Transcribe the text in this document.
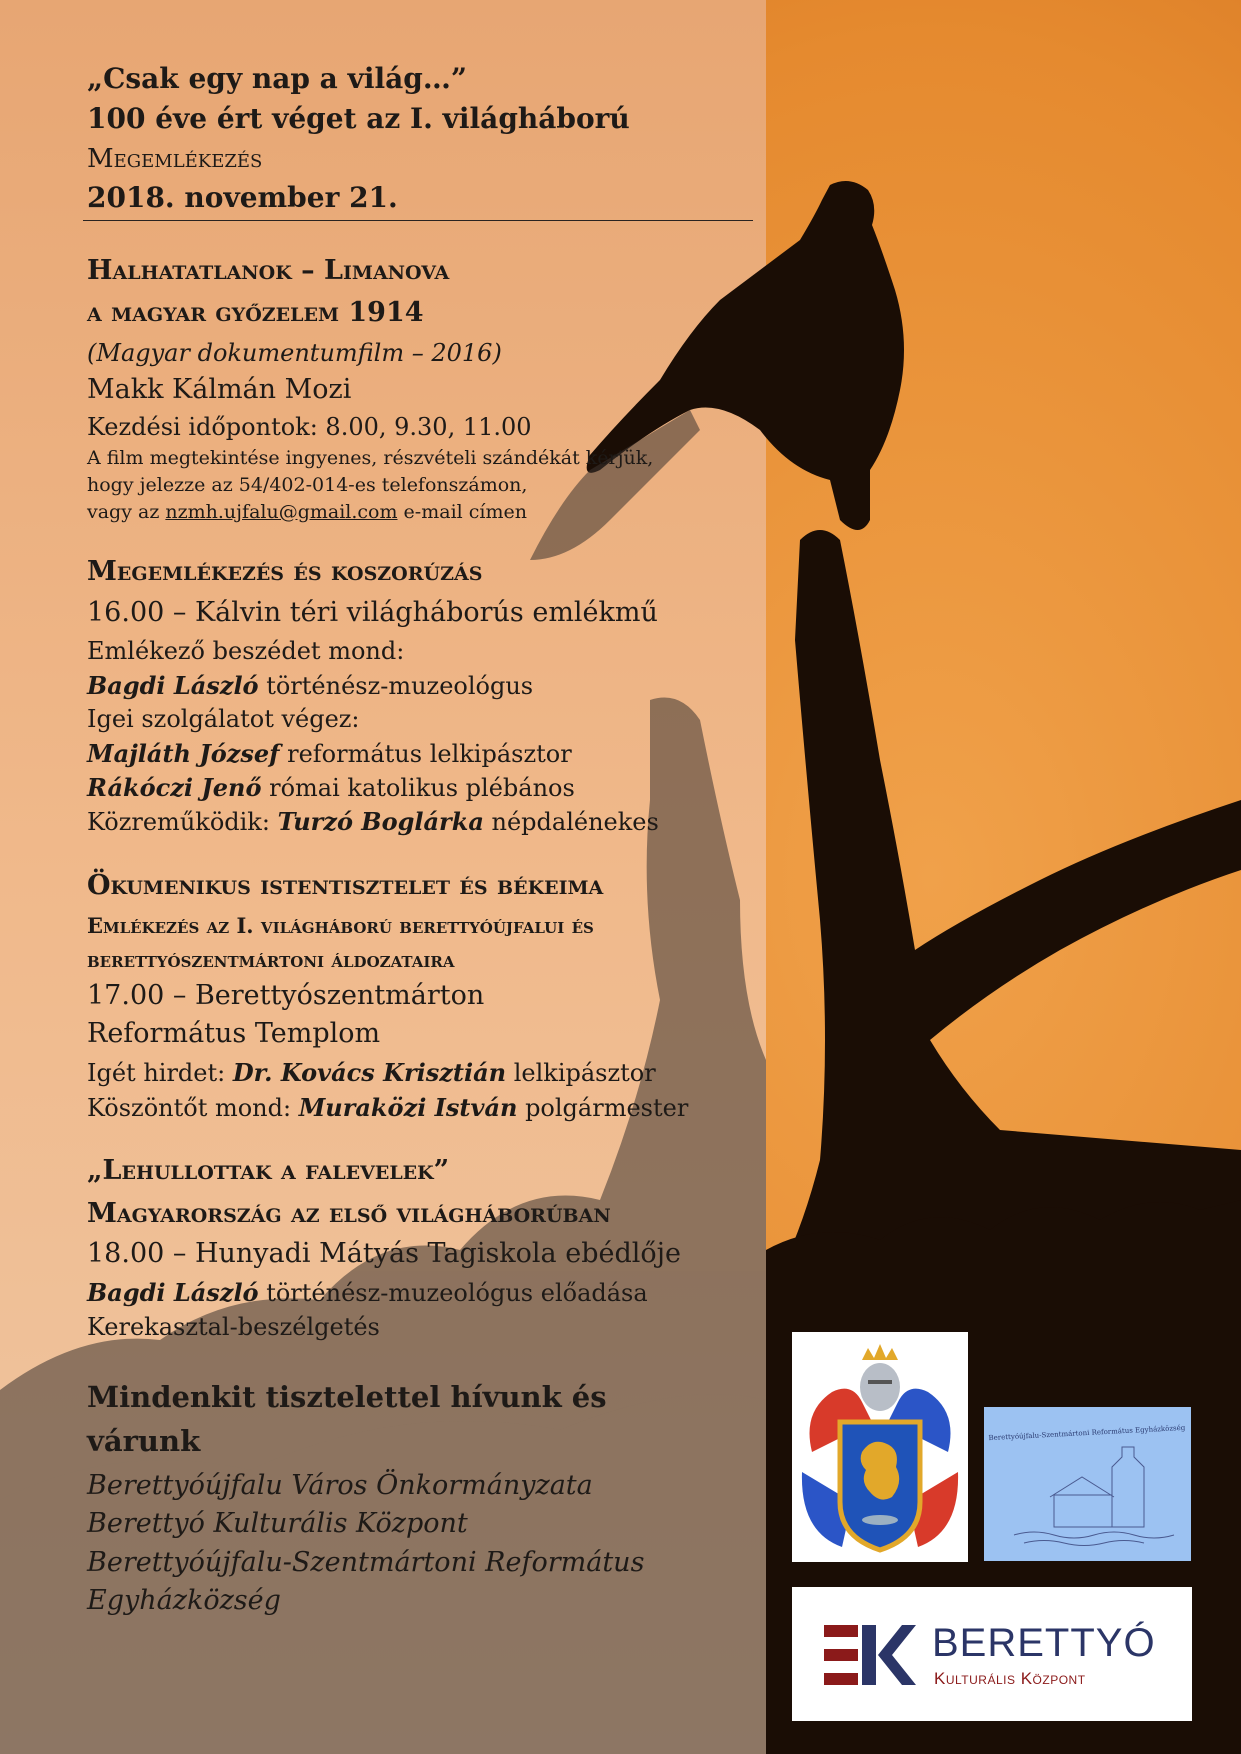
„Csak egy nap a világ…”
100 éve ért véget az I. világháború
Megemlékezés
2018. november 21.
Halhatatlanok – Limanova
a magyar győzelem 1914
(Magyar dokumentumfilm – 2016)
Makk Kálmán Mozi
Kezdési időpontok: 8.00, 9.30, 11.00
A film megtekintése ingyenes, részvételi szándékát kérjük,
hogy jelezze az 54/402-014-es telefonszámon,
vagy az nzmh.ujfalu@gmail.com e-mail címen
Megemlékezés és koszorúzás
16.00 – Kálvin téri világháborús emlékmű
Emlékező beszédet mond:
Bagdi László történész-muzeológus
Igei szolgálatot végez:
Majláth József református lelkipásztor
Rákóczi Jenő római katolikus plébános
Közreműködik: Turzó Boglárka népdalénekes
Ökumenikus istentisztelet és békeima
Emlékezés az I. világháború berettyóújfalui és
berettyószentmártoni áldozataira
17.00 – Berettyószentmárton
Református Templom
Igét hirdet: Dr. Kovács Krisztián lelkipásztor
Köszöntőt mond: Muraközi István polgármester
„Lehullottak a falevelek”
Magyarország az első világháborúban
18.00 – Hunyadi Mátyás Tagiskola ebédlője
Bagdi László történész-muzeológus előadása
Kerekasztal-beszélgetés
Mindenkit tisztelettel hívunk és
várunk
Berettyóújfalu Város Önkormányzata
Berettyó Kulturális Központ
Berettyóújfalu-Szentmártoni Református
Egyházközség
Berettyóújfalu-Szentmártoni Református Egyházközség
BERETTYÓ
Kulturális Központ
